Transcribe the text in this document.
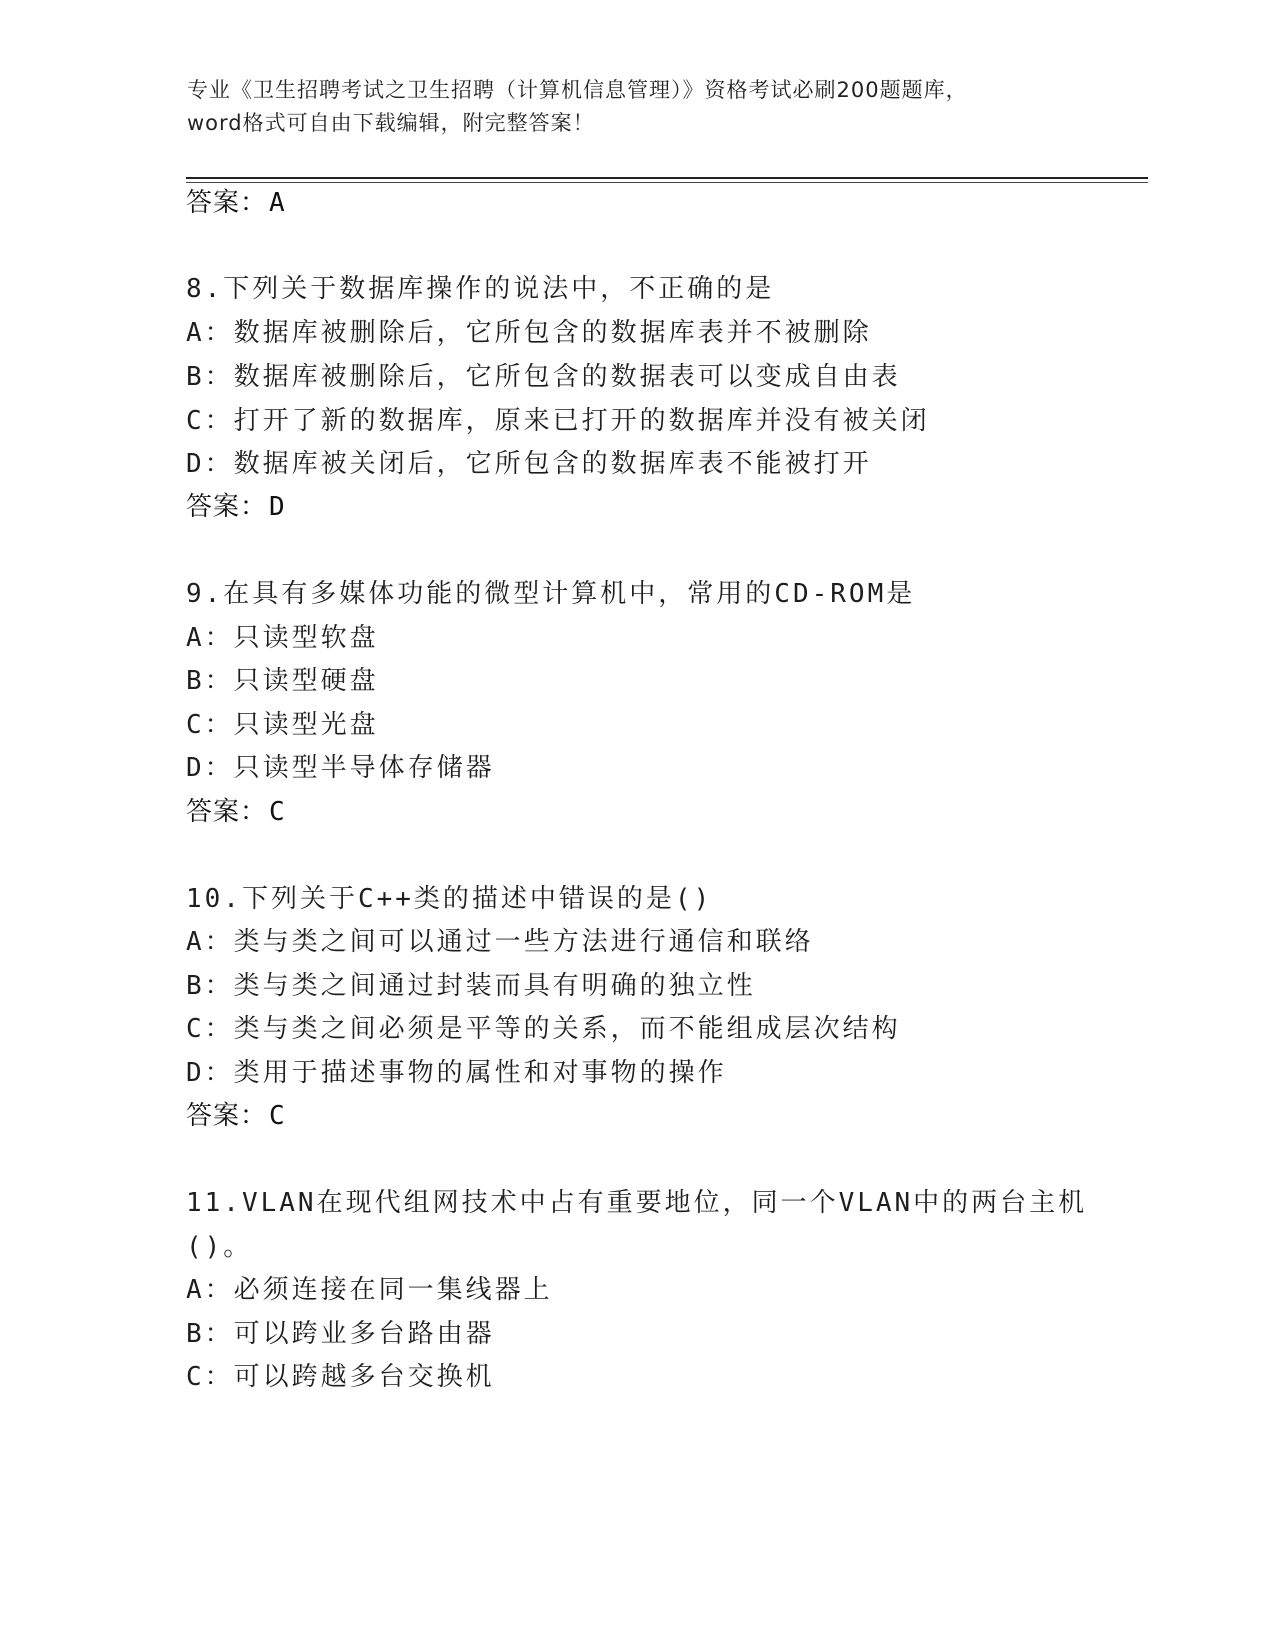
专业《卫生招聘考试之卫生招聘（计算机信息管理）》资格考试必刷200题题库，
word格式可自由下载编辑，附完整答案！
答案：A
8.下列关于数据库操作的说法中，不正确的是
A：数据库被删除后，它所包含的数据库表并不被删除
B：数据库被删除后，它所包含的数据表可以变成自由表
C：打开了新的数据库，原来已打开的数据库并没有被关闭
D：数据库被关闭后，它所包含的数据库表不能被打开
答案：D
9.在具有多媒体功能的微型计算机中，常用的CD-ROM是
A：只读型软盘
B：只读型硬盘
C：只读型光盘
D：只读型半导体存储器
答案：C
10.下列关于C++类的描述中错误的是()
A：类与类之间可以通过一些方法进行通信和联络
B：类与类之间通过封装而具有明确的独立性
C：类与类之间必须是平等的关系，而不能组成层次结构
D：类用于描述事物的属性和对事物的操作
答案：C
11.VLAN在现代组网技术中占有重要地位，同一个VLAN中的两台主机
()。
A：必须连接在同一集线器上
B：可以跨业多台路由器
C：可以跨越多台交换机
